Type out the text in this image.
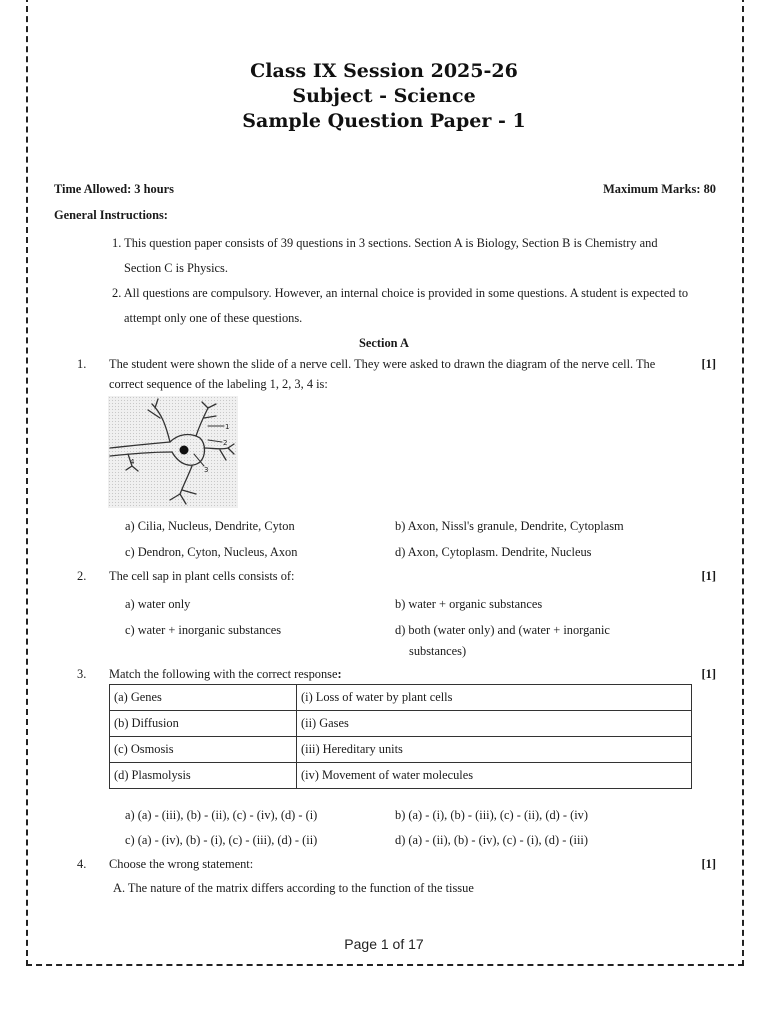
Class IX Session 2025-26
Subject - Science
Sample Question Paper - 1
Time Allowed: 3 hours	Maximum Marks: 80
General Instructions:
1. This question paper consists of 39 questions in 3 sections. Section A is Biology, Section B is Chemistry and
Section C is Physics.
2. All questions are compulsory. However, an internal choice is provided in some questions. A student is expected to
attempt only one of these questions.
Section A
1. The student were shown the slide of a nerve cell. They were asked to drawn the diagram of the nerve cell. The
correct sequence of the labeling 1, 2, 3, 4 is:
[1]
1
2
3
4
a) Cilia, Nucleus, Dendrite, Cyton	b) Axon, Nissl's granule, Dendrite, Cytoplasm
c) Dendron, Cyton, Nucleus, Axon	d) Axon, Cytoplasm. Dendrite, Nucleus
2. The cell sap in plant cells consists of:	[1]
a) water only	b) water + organic substances
c) water + inorganic substances	d) both (water only) and (water + inorganic
substances)
3. Match the following with the correct response:	[1]
(a) Genes	(i) Loss of water by plant cells
(b) Diffusion	(ii) Gases
(c) Osmosis	(iii) Hereditary units
(d) Plasmolysis	(iv) Movement of water molecules
a) (a) - (iii), (b) - (ii), (c) - (iv), (d) - (i)	b) (a) - (i), (b) - (iii), (c) - (ii), (d) - (iv)
c) (a) - (iv), (b) - (i), (c) - (iii), (d) - (ii)	d) (a) - (ii), (b) - (iv), (c) - (i), (d) - (iii)
4. Choose the wrong statement:	[1]
A. The nature of the matrix differs according to the function of the tissue
Page 1 of 17
